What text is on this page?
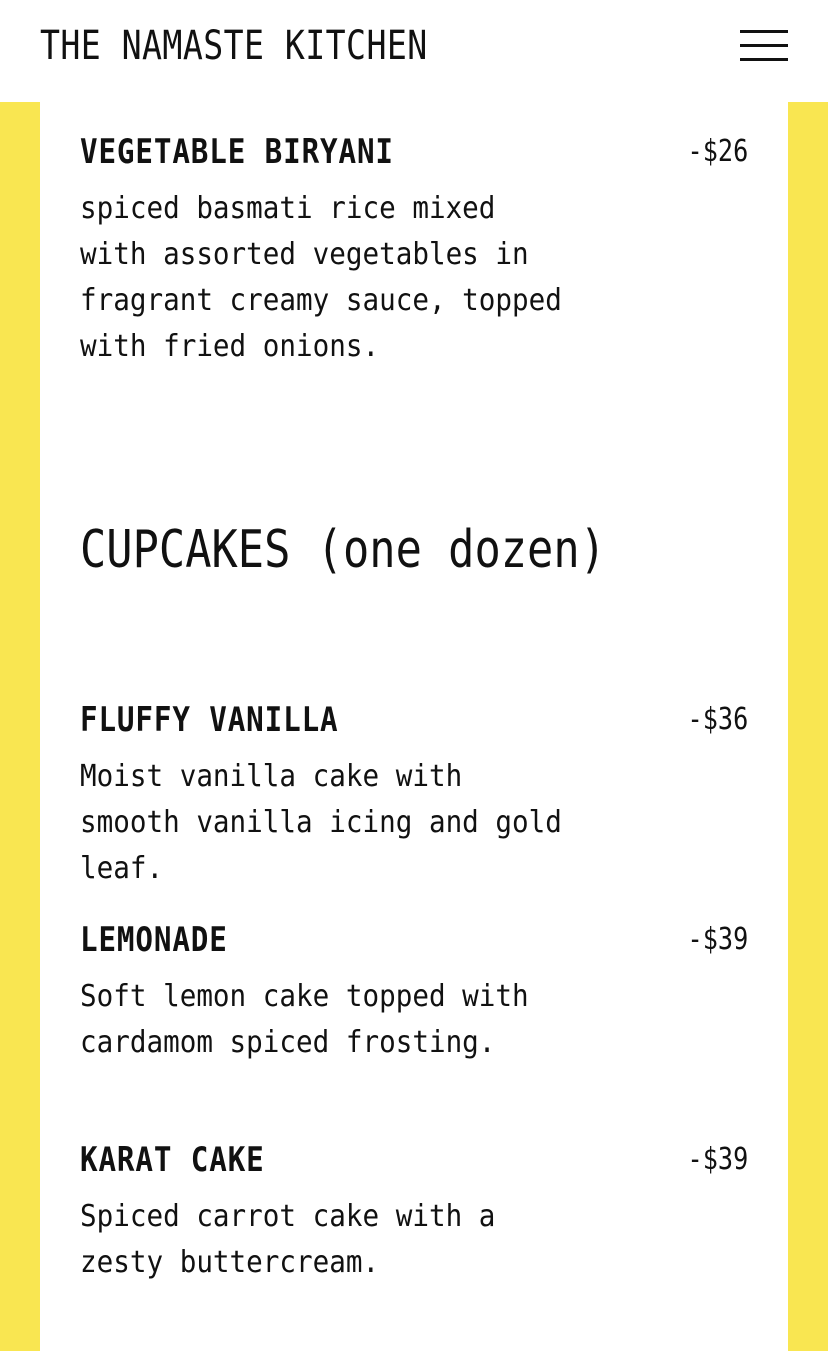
THE NAMASTE KITCHEN
VEGETABLE BIRYANI	-$26
spiced basmati rice mixed with assorted vegetables in fragrant creamy sauce, topped with fried onions.
CUPCAKES (one dozen)
FLUFFY VANILLA	-$36
Moist vanilla cake with smooth vanilla icing and gold leaf.
LEMONADE	-$39
Soft lemon cake topped with cardamom spiced frosting.
KARAT CAKE	-$39
Spiced carrot cake with a zesty buttercream.
